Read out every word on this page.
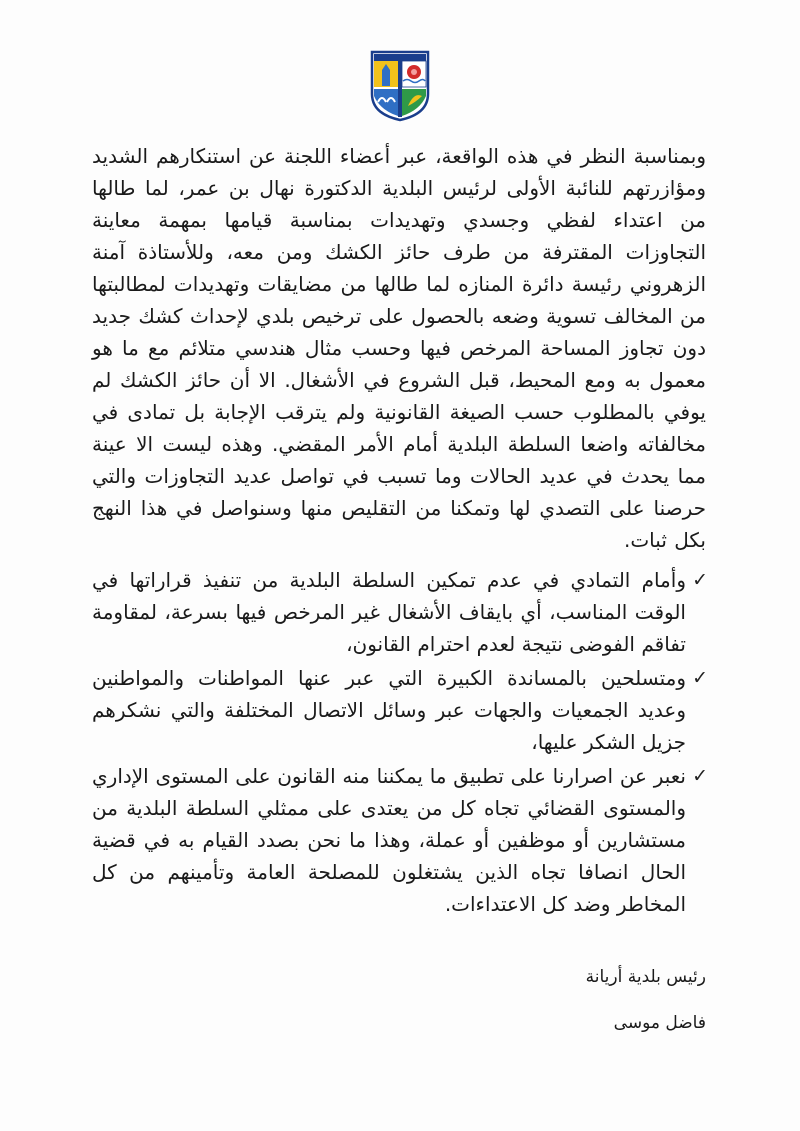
وبمناسبة النظر في هذه الواقعة، عبر أعضاء اللجنة عن استنكارهم الشديد ومؤازرتهم للنائبة الأولى لرئيس البلدية الدكتورة نهال بن عمر، لما طالها من اعتداء لفظي وجسدي وتهديدات بمناسبة قيامها بمهمة معاينة التجاوزات المقترفة من طرف حائز الكشك ومن معه، وللأستاذة آمنة الزهروني رئيسة دائرة المنازه لما طالها من مضايقات وتهديدات لمطالبتها من المخالف تسوية وضعه بالحصول على ترخيص بلدي لإحداث كشك جديد دون تجاوز المساحة المرخص فيها وحسب مثال هندسي متلائم مع ما هو معمول به ومع المحيط، قبل الشروع في الأشغال. الا أن حائز الكشك لم يوفي بالمطلوب حسب الصيغة القانونية ولم يترقب الإجابة بل تمادى في مخالفاته واضعا السلطة البلدية أمام الأمر المقضي. وهذه ليست الا عينة مما يحدث في عديد الحالات وما تسبب في تواصل عديد التجاوزات والتي حرصنا على التصدي لها وتمكنا من التقليص منها وسنواصل في هذا النهج بكل ثبات.

✓
وأمام التمادي في عدم تمكين السلطة البلدية من تنفيذ قراراتها في الوقت المناسب، أي بايقاف الأشغال غير المرخص فيها بسرعة، لمقاومة تفاقم الفوضى نتيجة لعدم احترام القانون،
✓
ومتسلحين بالمساندة الكبيرة التي عبر عنها المواطنات والمواطنين وعديد الجمعيات والجهات عبر وسائل الاتصال المختلفة والتي نشكرهم جزيل الشكر عليها،
✓
نعبر عن اصرارنا على تطبيق ما يمكننا منه القانون على المستوى الإداري والمستوى القضائي تجاه كل من يعتدى على ممثلي السلطة البلدية من مستشارين أو موظفين أو عملة، وهذا ما نحن بصدد القيام به في قضية الحال انصافا تجاه الذين يشتغلون للمصلحة العامة وتأمينهم من كل المخاطر وضد كل الاعتداءات.
رئيس بلدية أريانة
فاضل موسى
